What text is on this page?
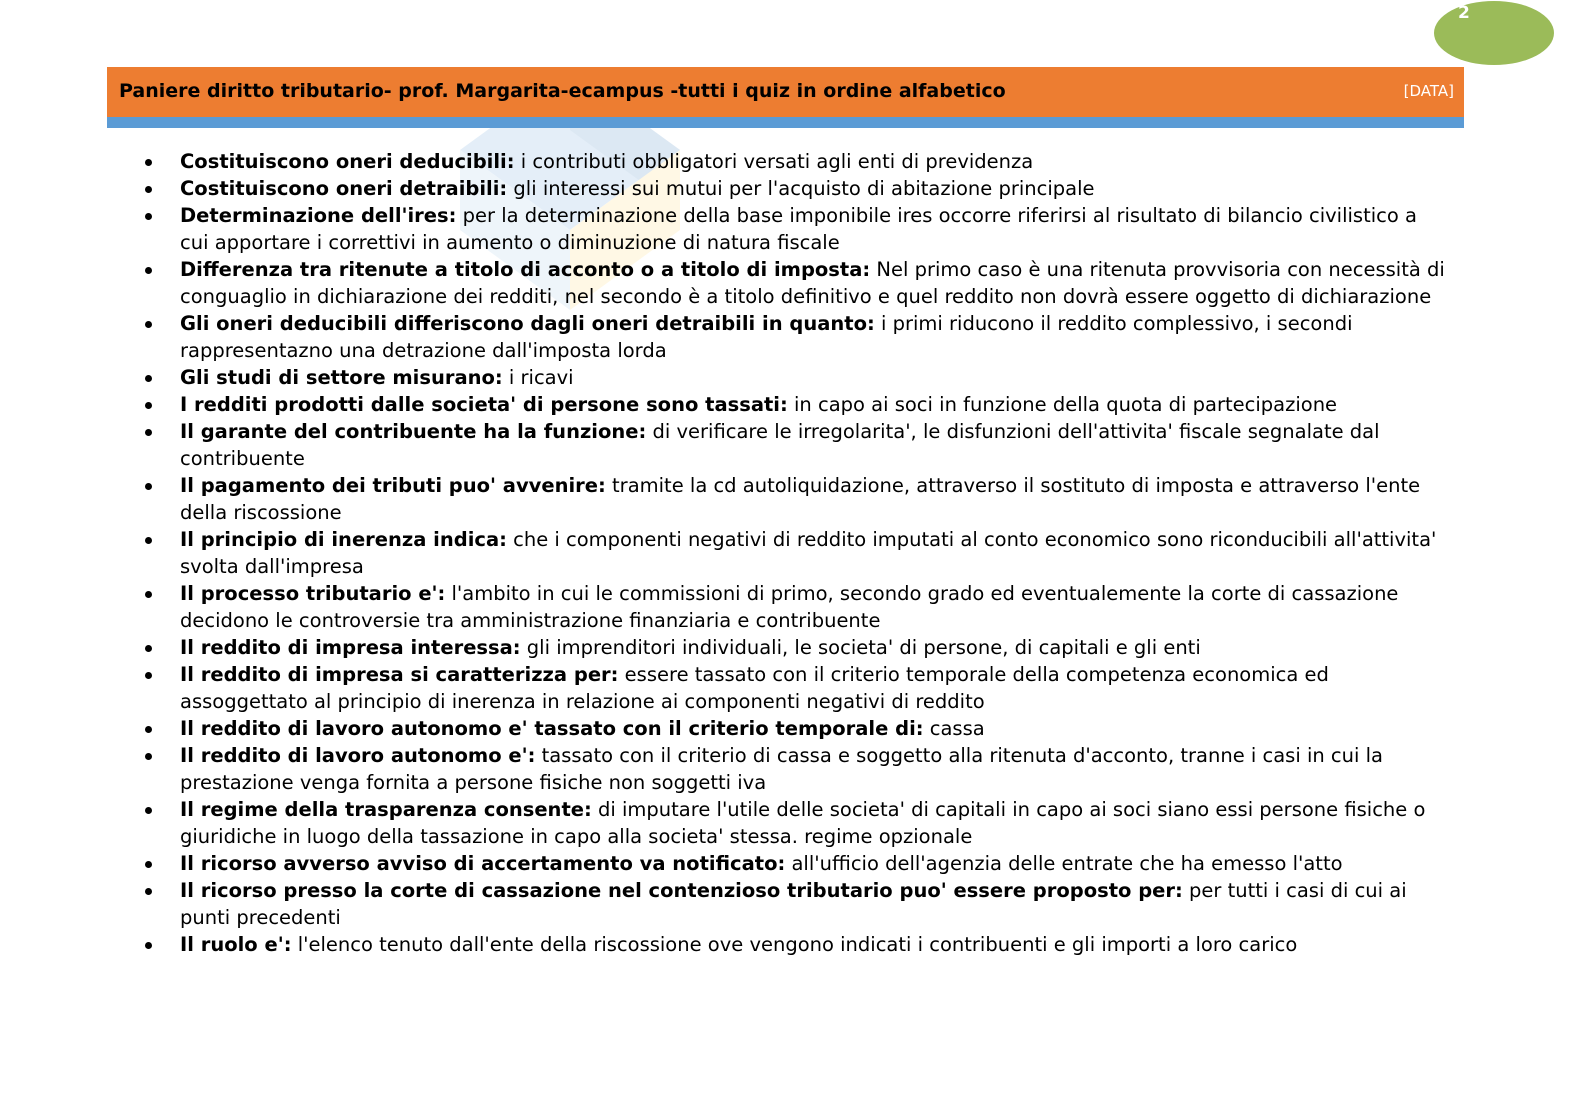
2
Paniere diritto tributario- prof. Margarita-ecampus -tutti i quiz in ordine alfabetico	[DATA]
Costituiscono oneri deducibili: i contributi obbligatori versati agli enti di previdenza
Costituiscono oneri detraibili: gli interessi sui mutui per l'acquisto di abitazione principale
Determinazione dell'ires: per la determinazione della base imponibile ires occorre riferirsi al risultato di bilancio civilistico a cui apportare i correttivi in aumento o diminuzione di natura fiscale
Differenza tra ritenute a titolo di acconto o a titolo di imposta: Nel primo caso è una ritenuta provvisoria con necessità di conguaglio in dichiarazione dei redditi, nel secondo è a titolo definitivo e quel reddito non dovrà essere oggetto di dichiarazione
Gli oneri deducibili differiscono dagli oneri detraibili in quanto: i primi riducono il reddito complessivo, i secondi rappresentazno una detrazione dall'imposta lorda
Gli studi di settore misurano: i ricavi
I redditi prodotti dalle societa' di persone sono tassati: in capo ai soci in funzione della quota di partecipazione
Il garante del contribuente ha la funzione: di verificare le irregolarita', le disfunzioni dell'attivita' fiscale segnalate dal contribuente
Il pagamento dei tributi puo' avvenire: tramite la cd autoliquidazione, attraverso il sostituto di imposta e attraverso l'ente della riscossione
Il principio di inerenza indica: che i componenti negativi di reddito imputati al conto economico sono riconducibili all'attivita' svolta dall'impresa
Il processo tributario e': l'ambito in cui le commissioni di primo, secondo grado ed eventualemente la corte di cassazione decidono le controversie tra amministrazione finanziaria e contribuente
Il reddito di impresa interessa: gli imprenditori individuali, le societa' di persone, di capitali e gli enti
Il reddito di impresa si caratterizza per: essere tassato con il criterio temporale della competenza economica ed assoggettato al principio di inerenza in relazione ai componenti negativi di reddito
Il reddito di lavoro autonomo e' tassato con il criterio temporale di: cassa
Il reddito di lavoro autonomo e': tassato con il criterio di cassa e soggetto alla ritenuta d'acconto, tranne i casi in cui la prestazione venga fornita a persone fisiche non soggetti iva
Il regime della trasparenza consente: di imputare l'utile delle societa' di capitali in capo ai soci siano essi persone fisiche o giuridiche in luogo della tassazione in capo alla societa' stessa. regime opzionale
Il ricorso avverso avviso di accertamento va notificato: all'ufficio dell'agenzia delle entrate che ha emesso l'atto
Il ricorso presso la corte di cassazione nel contenzioso tributario puo' essere proposto per: per tutti i casi di cui ai punti precedenti
Il ruolo e': l'elenco tenuto dall'ente della riscossione ove vengono indicati i contribuenti e gli importi a loro carico
